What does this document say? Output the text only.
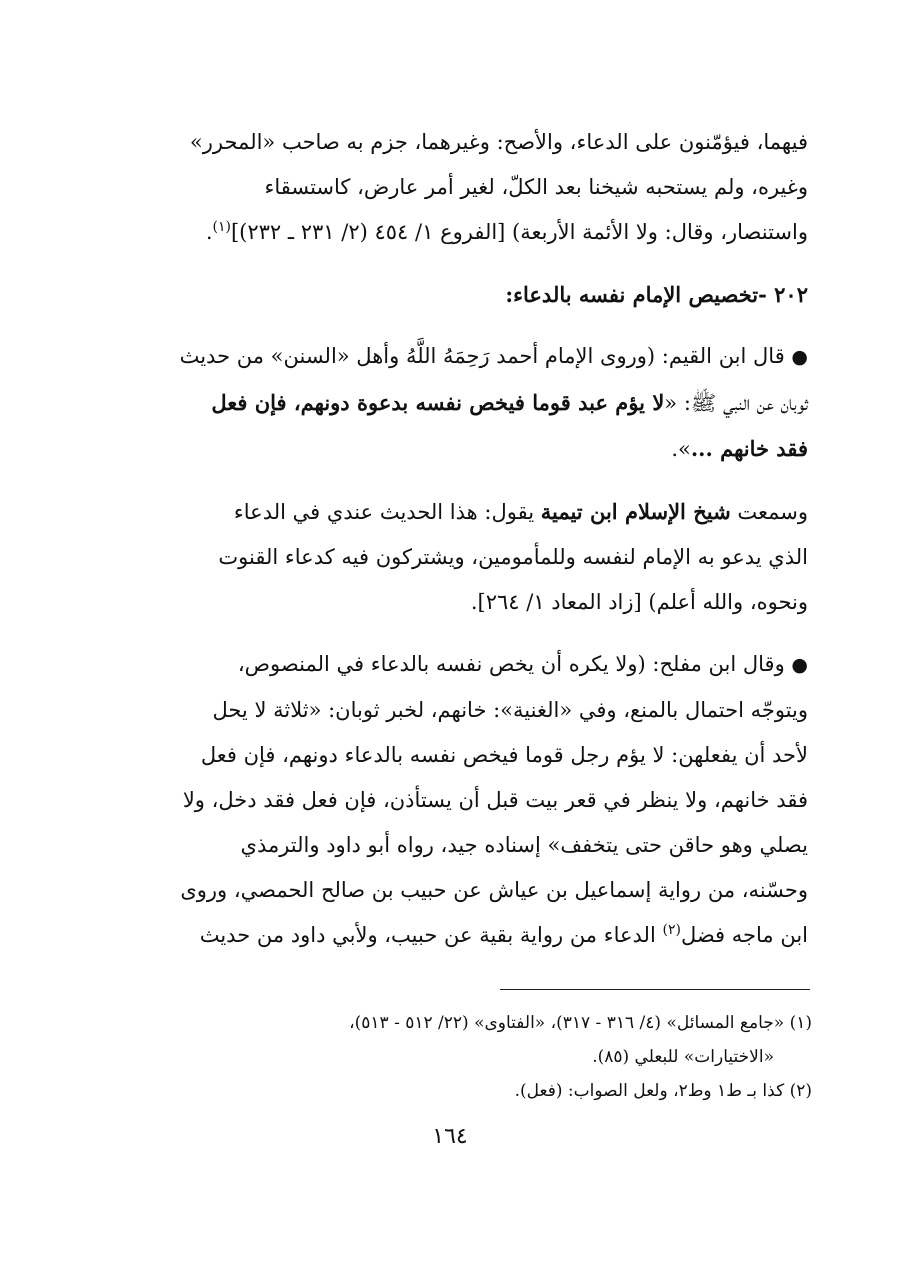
فيهما، فيؤمّنون على الدعاء، والأصح: وغيرهما، جزم به صاحب «المحرر»

وغيره، ولم يستحبه شيخنا بعد الكلّ، لغير أمر عارض، كاستسقاء

واستنصار، وقال: ولا الأئمة الأربعة) [الفروع ١/ ٤٥٤ (٢/ ٢٣١ ـ ٢٣٢)]$^{(١)}$.

٢٠٢ -تخصيص الإمام نفسه بالدعاء:

● قال ابن القيم: (وروى الإمام أحمد رَحِمَهُ اللَّهُ وأهل «السنن» من حديث

ثوبان عن النبي ﷺ: «لا يؤم عبد قوما فيخص نفسه بدعوة دونهم، فإن فعل

فقد خانهم ...».

وسمعت شيخ الإسلام ابن تيمية يقول: هذا الحديث عندي في الدعاء

الذي يدعو به الإمام لنفسه وللمأمومين، ويشتركون فيه كدعاء القنوت

ونحوه، والله أعلم) [زاد المعاد ١/ ٢٦٤].

● وقال ابن مفلح: (ولا يكره أن يخص نفسه بالدعاء في المنصوص،

ويتوجّه احتمال بالمنع، وفي «الغنية»: خانهم، لخبر ثوبان: «ثلاثة لا يحل

لأحد أن يفعلهن: لا يؤم رجل قوما فيخص نفسه بالدعاء دونهم، فإن فعل

فقد خانهم، ولا ينظر في قعر بيت قبل أن يستأذن، فإن فعل فقد دخل، ولا

يصلي وهو حاقن حتى يتخفف» إسناده جيد، رواه أبو داود والترمذي

وحسّنه، من رواية إسماعيل بن عياش عن حبيب بن صالح الحمصي، وروى

ابن ماجه فضل$^{(٢)}$ الدعاء من رواية بقية عن حبيب، ولأبي داود من حديث

(١) «جامع المسائل» (٤/ ٣١٦ - ٣١٧)، «الفتاوى» (٢٢/ ٥١٢ - ٥١٣)،

«الاختيارات» للبعلي (٨٥).

(٢) كذا بـ ط١ وط٢، ولعل الصواب: (فعل).

١٦٤
